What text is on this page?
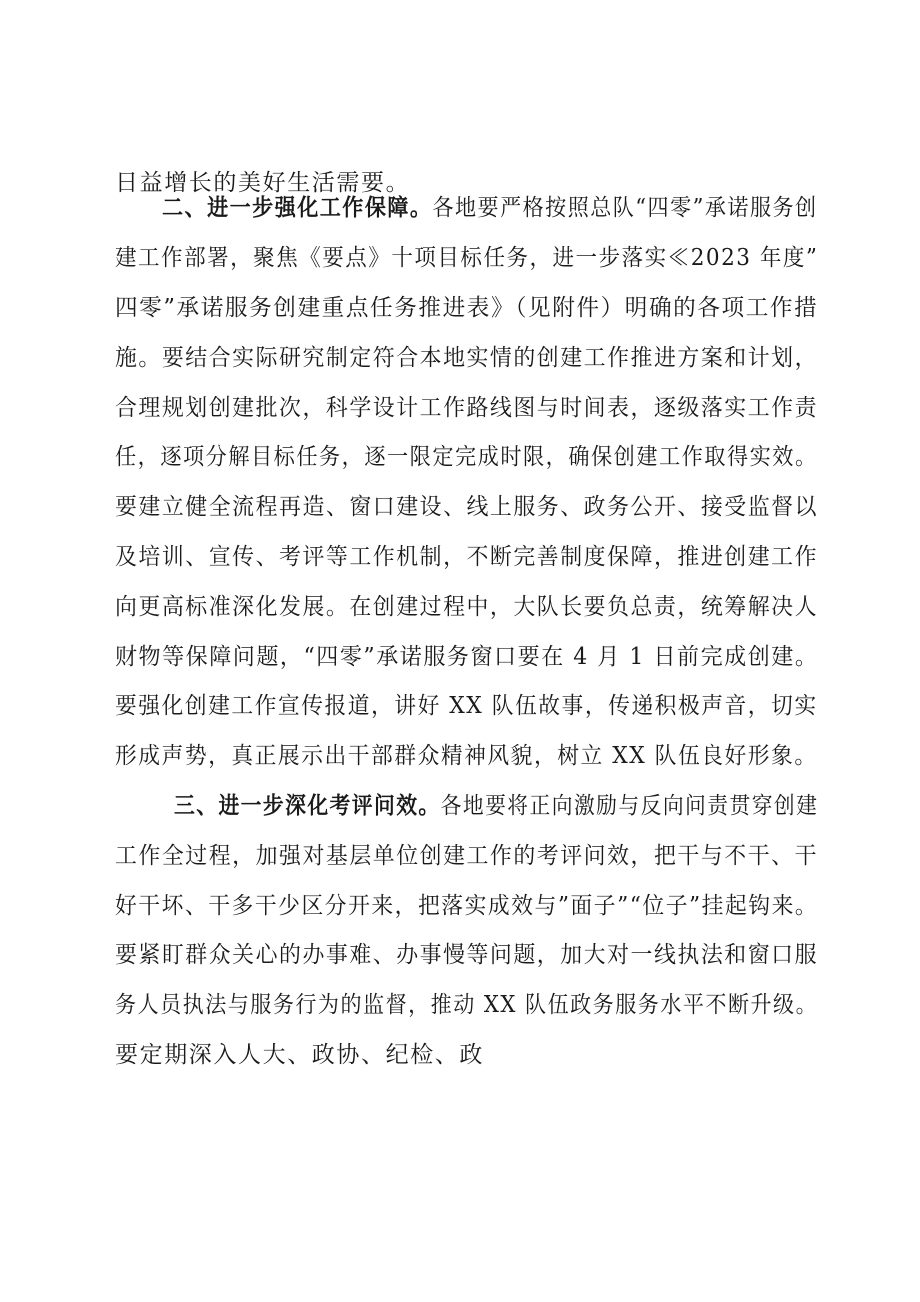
日益增长的美好生活需要。

二、进一步强化工作保障。各地要严格按照总队“四零”承诺服务创

建工作部署，聚焦《要点》十项目标任务，进一步落实≪2023 年度”

四零”承诺服务创建重点任务推进表》（见附件）明确的各项工作措

施。要结合实际研究制定符合本地实情的创建工作推进方案和计划，

合理规划创建批次，科学设计工作路线图与时间表，逐级落实工作责

任，逐项分解目标任务，逐一限定完成时限，确保创建工作取得实效。

要建立健全流程再造、窗口建设、线上服务、政务公开、接受监督以

及培训、宣传、考评等工作机制，不断完善制度保障，推进创建工作

向更高标准深化发展。在创建过程中，大队长要负总责，统筹解决人

财物等保障问题，“四零”承诺服务窗口要在 4 月 1 日前完成创建。

要强化创建工作宣传报道，讲好 XX 队伍故事，传递积极声音，切实

形成声势，真正展示出干部群众精神风貌，树立 XX 队伍良好形象。

三、进一步深化考评问效。各地要将正向激励与反向问责贯穿创建

工作全过程，加强对基层单位创建工作的考评问效，把干与不干、干

好干坏、干多干少区分开来，把落实成效与”面子”“位子”挂起钩来。

要紧盯群众关心的办事难、办事慢等问题，加大对一线执法和窗口服

务人员执法与服务行为的监督，推动 XX 队伍政务服务水平不断升级。

要定期深入人大、政协、纪检、政
